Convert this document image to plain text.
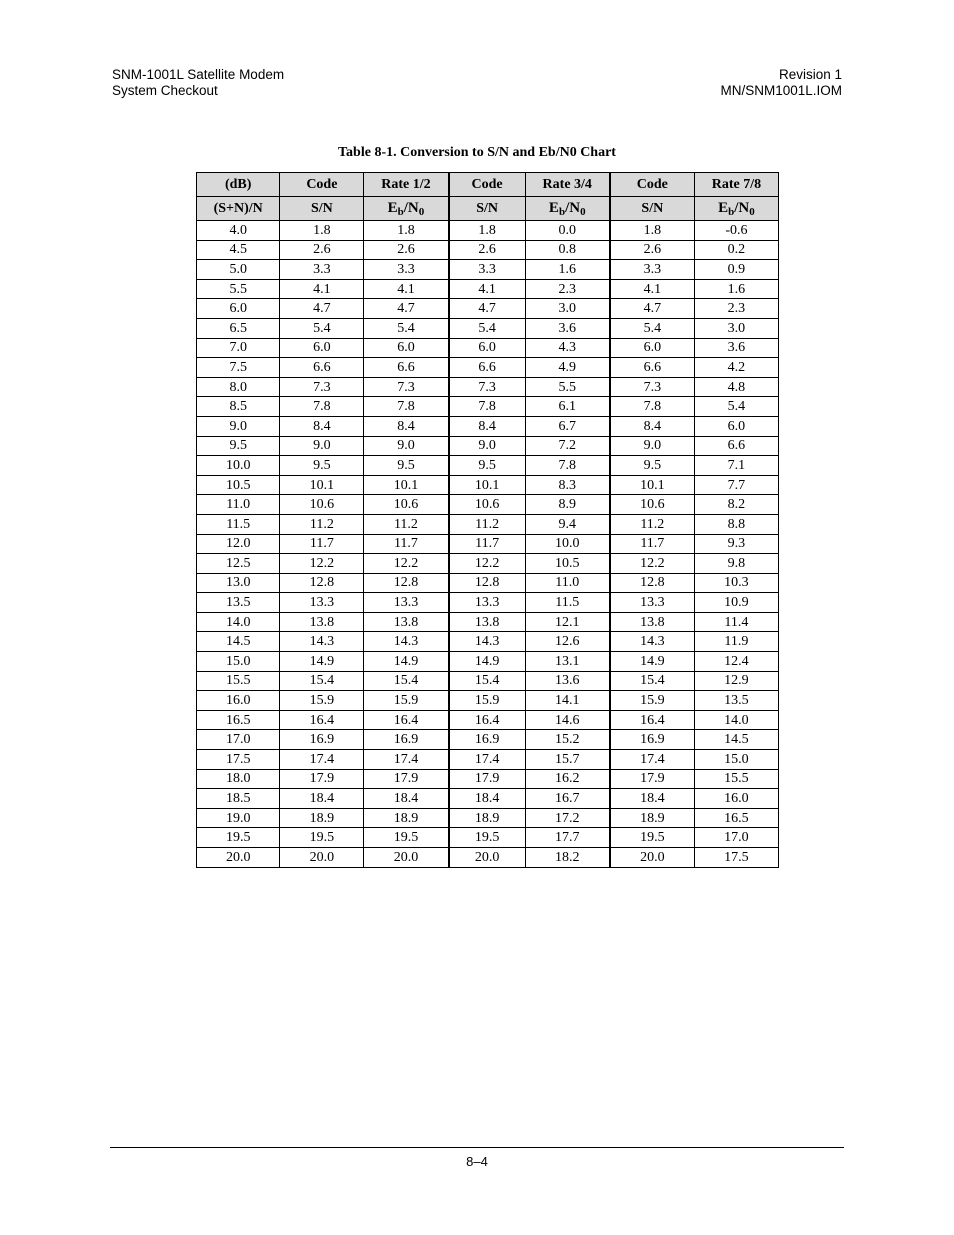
SNM-1001L Satellite Modem
System Checkout
Revision 1
MN/SNM1001L.IOM
Table 8-1. Conversion to S/N and Eb/N0 Chart
(dB)	Code	Rate 1/2	Code	Rate 3/4	Code	Rate 7/8
(S+N)/N	S/N	$E_b/N_0$	S/N	$E_b/N_0$	S/N	$E_b/N_0$
4.0	1.8	1.8	1.8	0.0	1.8	-0.6
4.5	2.6	2.6	2.6	0.8	2.6	0.2
5.0	3.3	3.3	3.3	1.6	3.3	0.9
5.5	4.1	4.1	4.1	2.3	4.1	1.6
6.0	4.7	4.7	4.7	3.0	4.7	2.3
6.5	5.4	5.4	5.4	3.6	5.4	3.0
7.0	6.0	6.0	6.0	4.3	6.0	3.6
7.5	6.6	6.6	6.6	4.9	6.6	4.2
8.0	7.3	7.3	7.3	5.5	7.3	4.8
8.5	7.8	7.8	7.8	6.1	7.8	5.4
9.0	8.4	8.4	8.4	6.7	8.4	6.0
9.5	9.0	9.0	9.0	7.2	9.0	6.6
10.0	9.5	9.5	9.5	7.8	9.5	7.1
10.5	10.1	10.1	10.1	8.3	10.1	7.7
11.0	10.6	10.6	10.6	8.9	10.6	8.2
11.5	11.2	11.2	11.2	9.4	11.2	8.8
12.0	11.7	11.7	11.7	10.0	11.7	9.3
12.5	12.2	12.2	12.2	10.5	12.2	9.8
13.0	12.8	12.8	12.8	11.0	12.8	10.3
13.5	13.3	13.3	13.3	11.5	13.3	10.9
14.0	13.8	13.8	13.8	12.1	13.8	11.4
14.5	14.3	14.3	14.3	12.6	14.3	11.9
15.0	14.9	14.9	14.9	13.1	14.9	12.4
15.5	15.4	15.4	15.4	13.6	15.4	12.9
16.0	15.9	15.9	15.9	14.1	15.9	13.5
16.5	16.4	16.4	16.4	14.6	16.4	14.0
17.0	16.9	16.9	16.9	15.2	16.9	14.5
17.5	17.4	17.4	17.4	15.7	17.4	15.0
18.0	17.9	17.9	17.9	16.2	17.9	15.5
18.5	18.4	18.4	18.4	16.7	18.4	16.0
19.0	18.9	18.9	18.9	17.2	18.9	16.5
19.5	19.5	19.5	19.5	17.7	19.5	17.0
20.0	20.0	20.0	20.0	18.2	20.0	17.5
8–4
